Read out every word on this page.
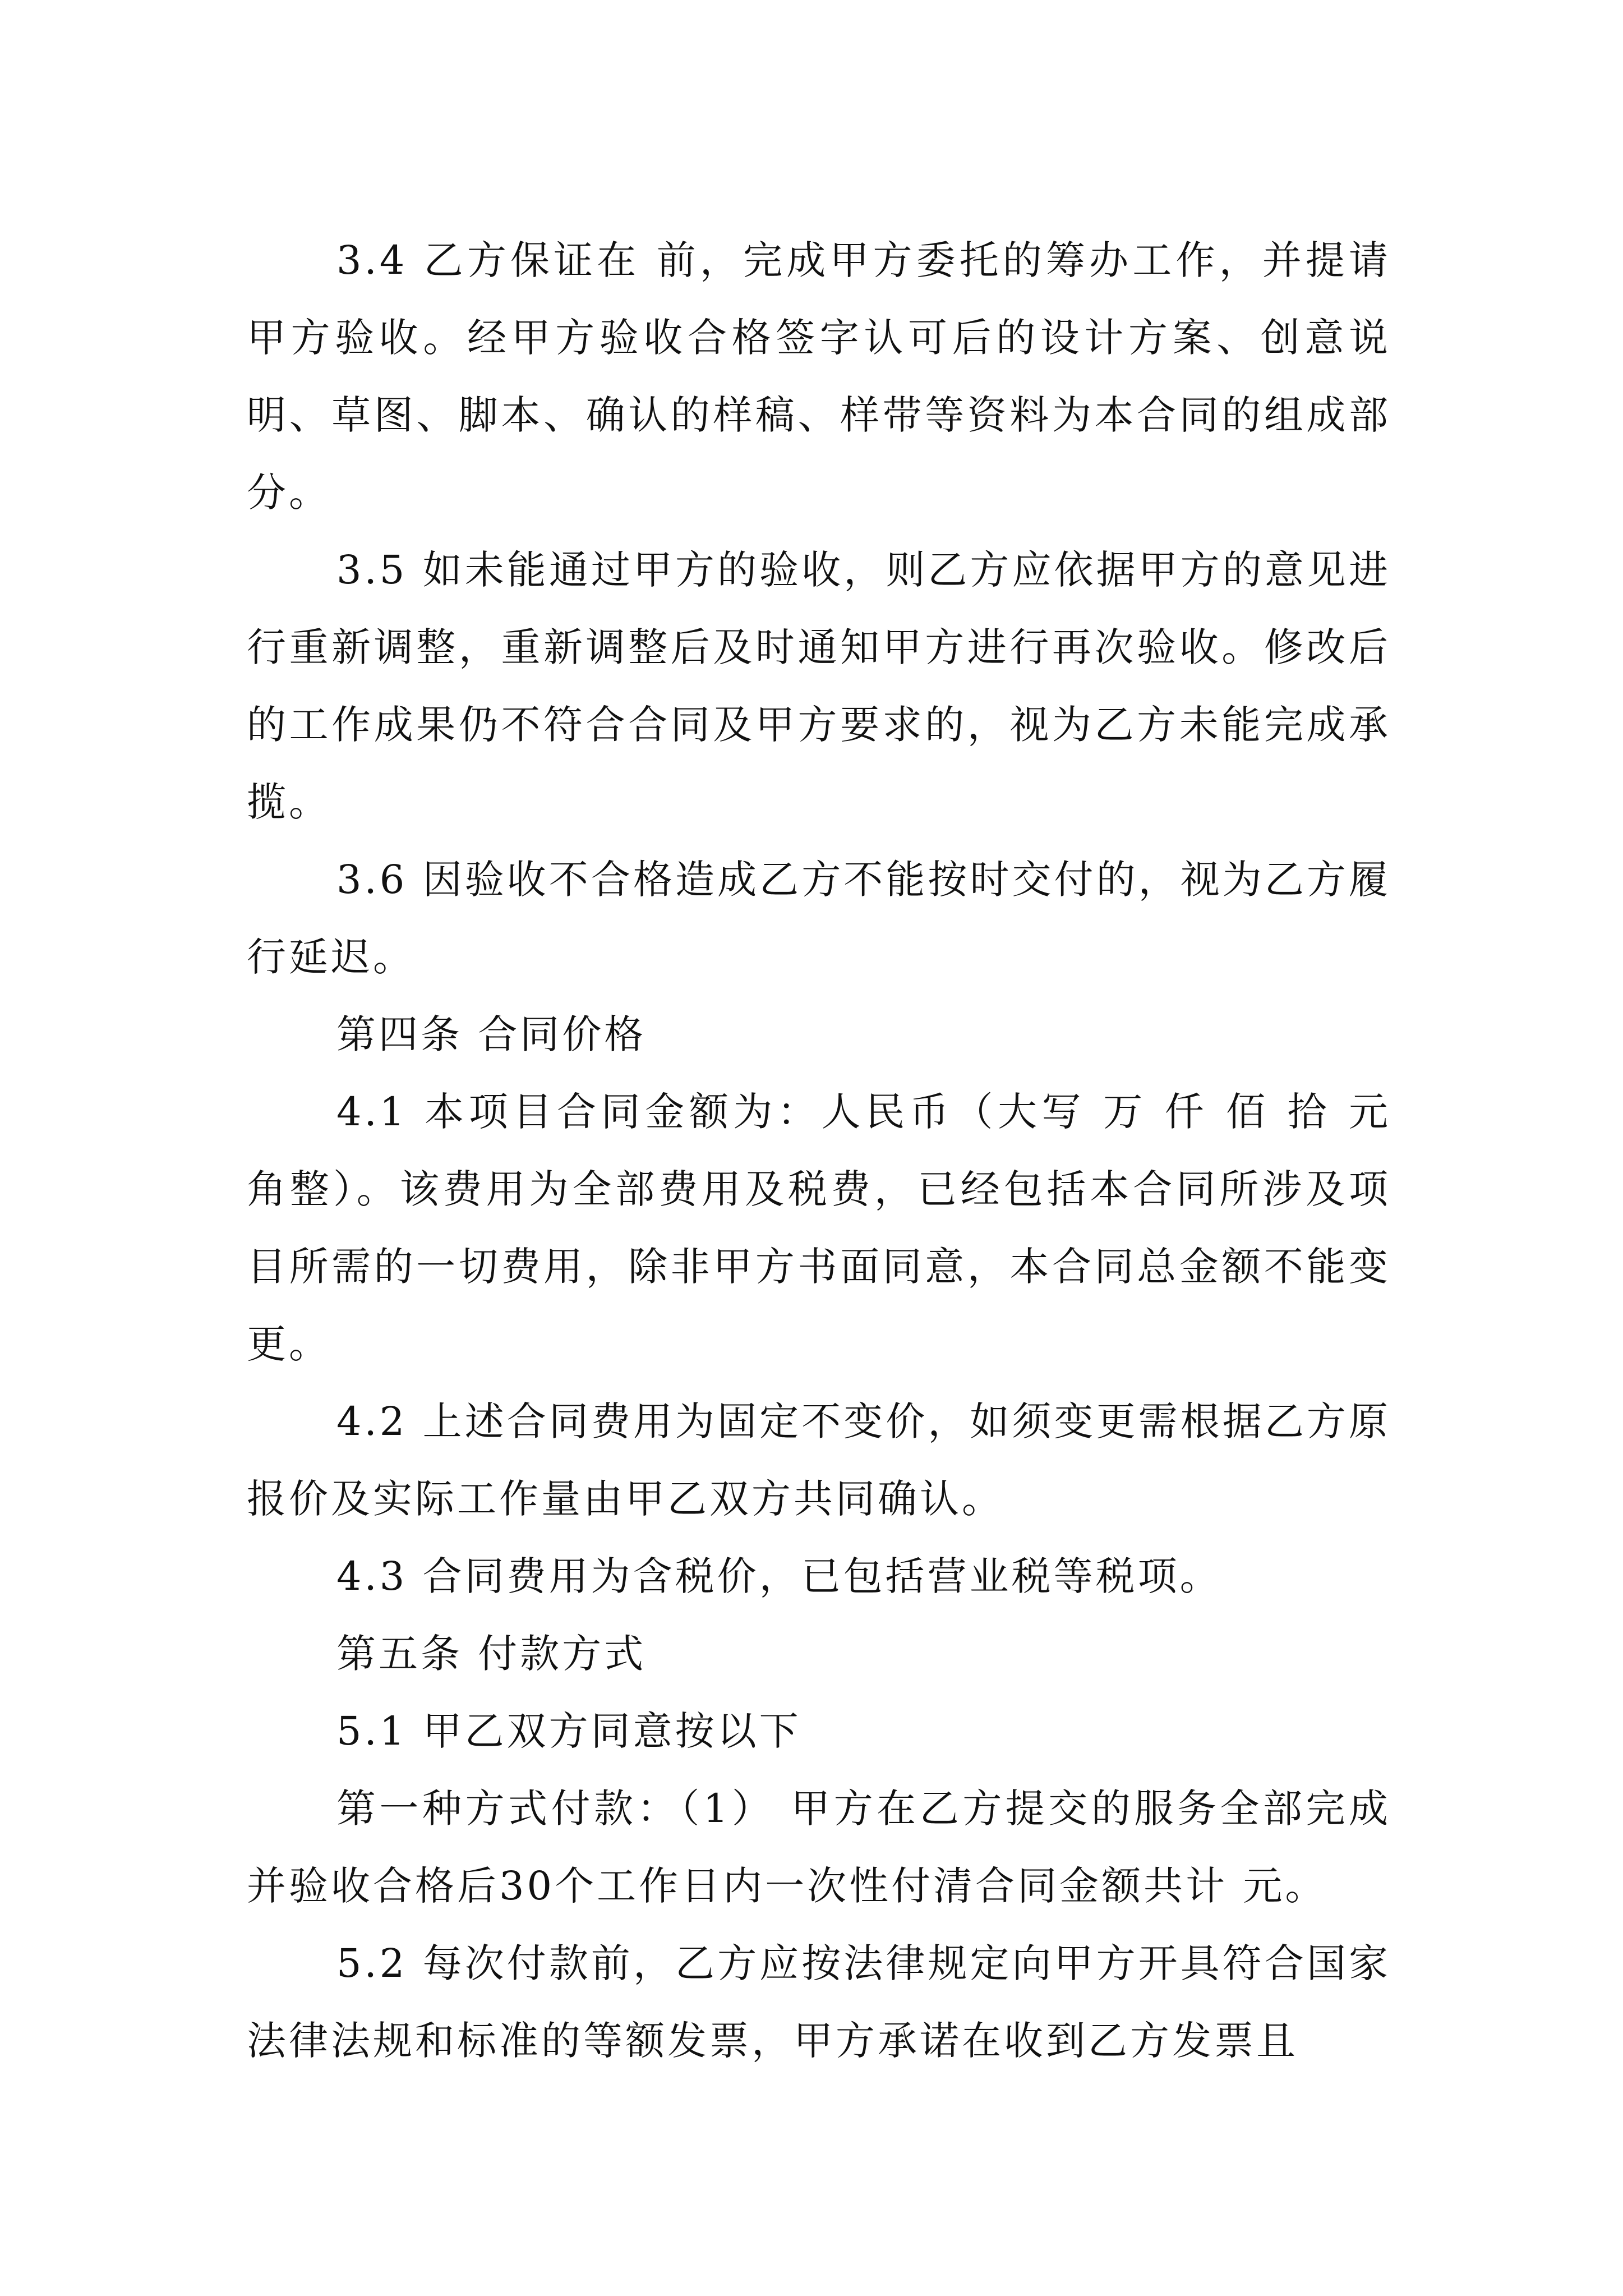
3.4 乙方保证在 前，完成甲方委托的筹办工作，并提请甲方验收。经甲方验收合格签字认可后的设计方案、创意说明、草图、脚本、确认的样稿、样带等资料为本合同的组成部分。

3.5 如未能通过甲方的验收，则乙方应依据甲方的意见进行重新调整，重新调整后及时通知甲方进行再次验收。修改后的工作成果仍不符合合同及甲方要求的，视为乙方未能完成承揽。

3.6 因验收不合格造成乙方不能按时交付的，视为乙方履行延迟。

第四条 合同价格

4.1 本项目合同金额为：人民币（大写 万 仟 佰 拾 元 角整）。该费用为全部费用及税费，已经包括本合同所涉及项目所需的一切费用，除非甲方书面同意，本合同总金额不能变更。

4.2 上述合同费用为固定不变价，如须变更需根据乙方原报价及实际工作量由甲乙双方共同确认。

4.3 合同费用为含税价，已包括营业税等税项。

第五条 付款方式

5.1 甲乙双方同意按以下

第一种方式付款：（1） 甲方在乙方提交的服务全部完成并验收合格后30个工作日内一次性付清合同金额共计 元。

5.2 每次付款前，乙方应按法律规定向甲方开具符合国家法律法规和标准的等额发票，甲方承诺在收到乙方发票且
